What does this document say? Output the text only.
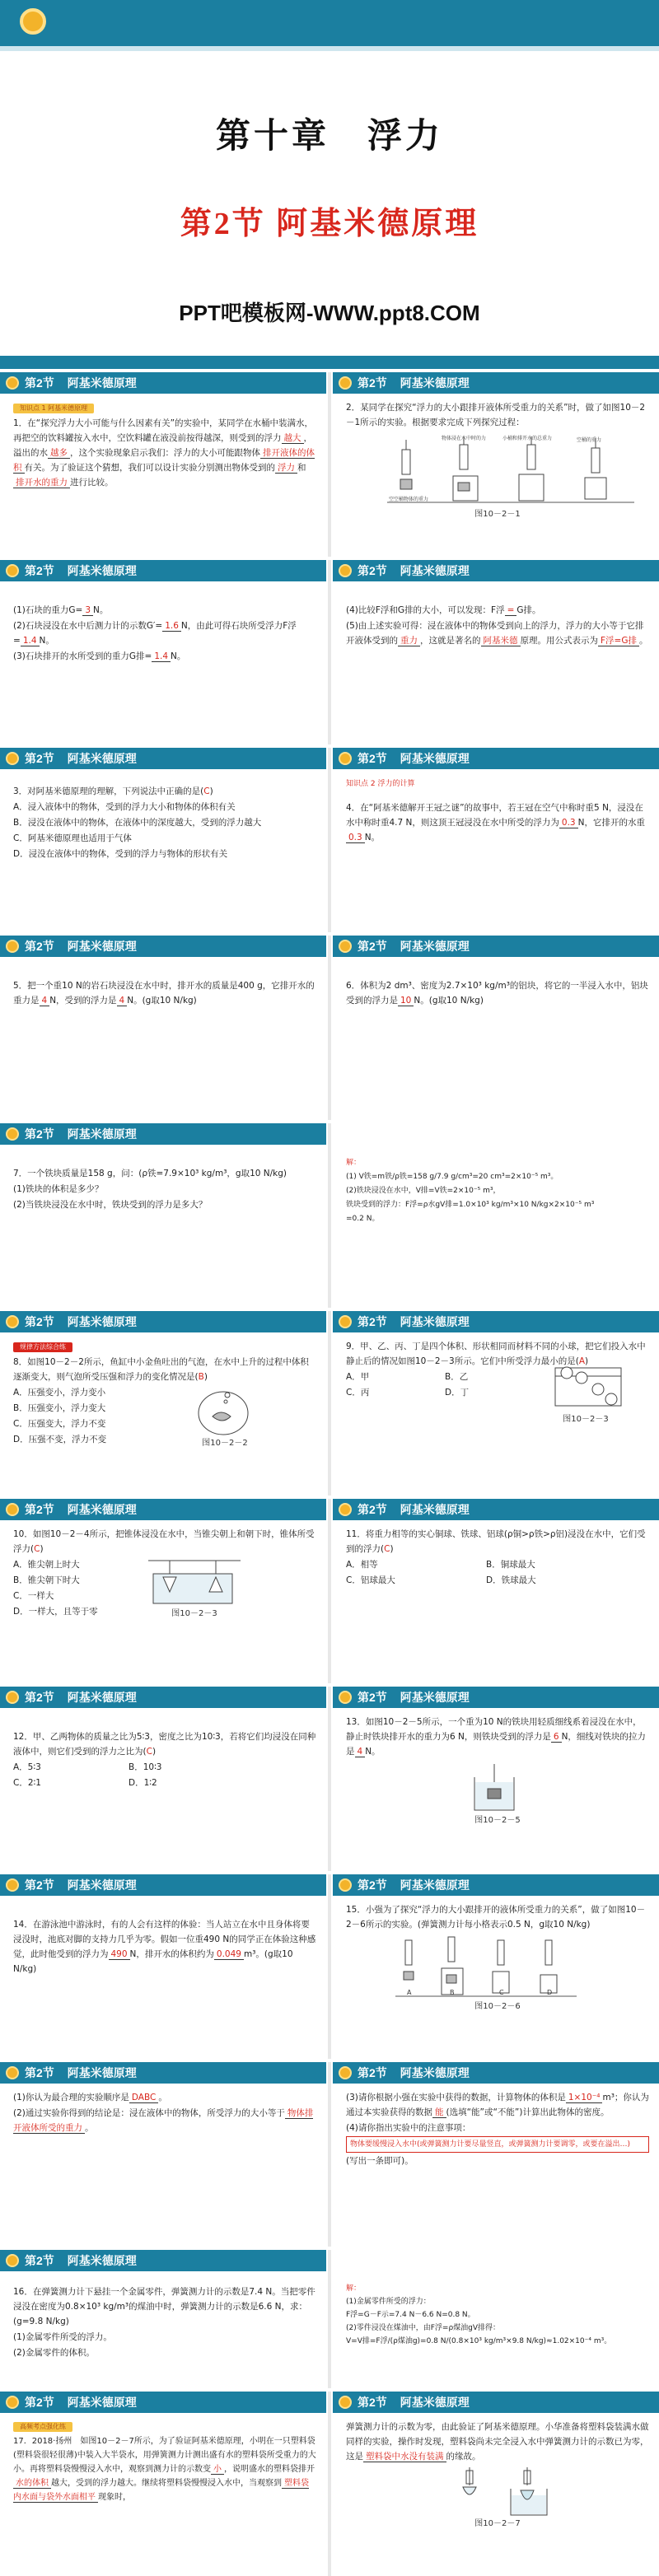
第十章　浮力
第2节 阿基米德原理
PPT吧模板网-WWW.ppt8.COM
第2节 阿基米德原理
知识点 1 阿基米德原理

1．在“探究浮力大小可能与什么因素有关”的实验中，某同学在水桶中装满水，再把空的饮料罐按入水中，空饮料罐在液没前按得越深，则受到的浮力 越大 ，溢出的水 越多 ，这个实验现象启示我们：浮力的大小可能跟物体 排开液体的体积 有关。为了验证这个猜想，我们可以设计实验分别测出物体受到的 浮力 和排开水的重力 进行比较。

第2节 阿基米德原理

2．某同学在探究“浮力的大小跟排开液体所受重力的关系”时，做了如图10－2－1所示的实验。根据要求完成下列探究过程：

空空桶物体的重力
物体浸在水中时的力	小桶和排开水的总重力	空桶的重力
图10－2－1
第2节 阿基米德原理

(1)石块的重力G= 3 N。

(2)石块浸没在水中后测力计的示数G′= 1.6 N，由此可得石块所受浮力F浮= 1.4 N。

(3)石块排开的水所受到的重力G排= 1.4 N。

第2节 阿基米德原理

(4)比较F浮和G排的大小，可以发现：F浮 = G排。

(5)由上述实验可得：浸在液体中的物体受到向上的浮力，浮力的大小等于它排开液体受到的 重力 ，这就是著名的 阿基米德 原理。用公式表示为 F浮=G排 。

第2节 阿基米德原理

3．对阿基米德原理的理解，下列说法中正确的是(C)

A．浸入液体中的物体，受到的浮力大小和物体的体积有关

B．浸没在液体中的物体，在液体中的深度越大，受到的浮力越大

C．阿基米德原理也适用于气体

D．浸没在液体中的物体，受到的浮力与物体的形状有关

第2节 阿基米德原理
知识点 2 浮力的计算

4．在“阿基米德解开王冠之谜”的故事中，若王冠在空气中称时重5 N，浸没在水中称时重4.7 N，则这顶王冠浸没在水中所受的浮力为 0.3 N，它排开的水重0.3 N。

第2节 阿基米德原理

5．把一个重10 N的岩石块浸没在水中时，排开水的质量是400 g，它排开水的重力是 4 N，受到的浮力是 4 N。(g取10 N/kg)

第2节 阿基米德原理

6．体积为2 dm³、密度为2.7×10³ kg/m³的铝块，将它的一半浸入水中，铝块受到的浮力是 10 N。(g取10 N/kg)

第2节 阿基米德原理

7．一个铁块质量是158 g，问：(ρ铁=7.9×10³ kg/m³，g取10 N/kg)

(1)铁块的体积是多少？

(2)当铁块浸没在水中时，铁块受到的浮力是多大？

解：

(1) V铁=m铁/ρ铁=158 g/7.9 g/cm³=20 cm³=2×10⁻⁵ m³。

(2)铁块浸没在水中，V排=V铁=2×10⁻⁵ m³，

铁块受到的浮力：F浮=ρ水gV排=1.0×10³ kg/m³×10 N/kg×2×10⁻⁵ m³

=0.2 N。

第2节 阿基米德原理
规律方法综合练

8．如图10－2－2所示，鱼缸中小金鱼吐出的气泡，在水中上升的过程中体积逐渐变大，则气泡所受压强和浮力的变化情况是(B)

A．压强变小，浮力变小

B．压强变小，浮力变大

C．压强变大，浮力不变

D．压强不变，浮力不变	图10－2－2
第2节 阿基米德原理

9．甲、乙、丙、丁是四个体积、形状相同而材料不同的小球，把它们投入水中静止后的情况如图10－2－3所示。它们中所受浮力最小的是(A)

A．甲	B．乙

C．丙	D．丁

图10－2－3
第2节 阿基米德原理

10．如图10－2－4所示，把锥体浸没在水中，当锥尖朝上和朝下时，锥体所受浮力(C)

A．锥尖朝上时大

B．锥尖朝下时大

C．一样大

D．一样大，且等于零	图10－2－3
第2节 阿基米德原理

11．将重力相等的实心铜球、铁球、铝球(ρ铜>ρ铁>ρ铝)浸没在水中，它们受到的浮力(C)

A．相等	B．铜球最大

C．铝球最大	D．铁球最大

第2节 阿基米德原理

12．甲、乙两物体的质量之比为5∶3，密度之比为10∶3，若将它们均浸没在同种液体中，则它们受到的浮力之比为(C)

A．5∶3	B．10∶3

C．2∶1	D．1∶2

第2节 阿基米德原理

13．如图10－2－5所示，一个重为10 N的铁块用轻质细线系着浸没在水中，静止时铁块排开水的重力为6 N，则铁块受到的浮力是 6 N，细线对铁块的拉力是 4 N。

图10－2－5
第2节 阿基米德原理

14．在游泳池中游泳时，有的人会有这样的体验：当人站立在水中且身体将要浸没时，池底对脚的支持力几乎为零。假如一位重490 N的同学正在体验这种感觉，此时他受到的浮力为 490 N，排开水的体积约为 0.049 m³。(g取10 N/kg)

第2节 阿基米德原理

15．小强为了探究“浮力的大小跟排开的液体所受重力的关系”，做了如图10－2－6所示的实验。(弹簧测力计每小格表示0.5 N，g取10 N/kg)

A	B	C	D
图10－2－6
第2节 阿基米德原理

(1)你认为最合理的实验顺序是 DABC 。

(2)通过实验你得到的结论是：浸在液体中的物体，所受浮力的大小等于 物体排开液体所受的重力 。

第2节 阿基米德原理

(3)请你根据小强在实验中获得的数据，计算物体的体积是 1×10⁻⁴ m³；你认为通过本实验获得的数据 能 (选填“能”或“不能”)计算出此物体的密度。

(4)请你指出实验中的注意事项：

物体要缓慢浸入水中(或弹簧测力计要尽量竖直，或弹簧测力计要调零，或要在溢出…)

(写出一条即可)。

第2节 阿基米德原理

16．在弹簧测力计下悬挂一个金属零件，弹簧测力计的示数是7.4 N。当把零件浸没在密度为0.8×10³ kg/m³的煤油中时，弹簧测力计的示数是6.6 N，求：(g=9.8 N/kg)

(1)金属零件所受的浮力。

(2)金属零件的体积。

解：

(1)金属零件所受的浮力：

F浮=G－F示=7.4 N－6.6 N=0.8 N。

(2)零件浸没在煤油中，由F浮=ρ煤油gV排得：

V=V排=F浮/(ρ煤油g)=0.8 N/(0.8×10³ kg/m³×9.8 N/kg)≈1.02×10⁻⁴ m³。

第2节 阿基米德原理
高频考点强化练

17．2018·扬州　如图10－2－7所示，为了验证阿基米德原理，小明在一只塑料袋(塑料袋很轻很薄)中装入大半袋水，用弹簧测力计测出盛有水的塑料袋所受重力的大小。再将塑料袋慢慢浸入水中，观察到测力计的示数变 小 ，说明盛水的塑料袋排开水的体积 越大，受到的浮力越大。继续将塑料袋慢慢浸入水中，当观察到 塑料袋内水面与袋外水面相平 现象时，

第2节 阿基米德原理

弹簧测力计的示数为零，由此验证了阿基米德原理。小华准备将塑料袋装满水做同样的实验，操作时发现，塑料袋尚未完全浸入水中弹簧测力计的示数已为零，这是 塑料袋中水没有装满 的缘故。

图10－2－7
